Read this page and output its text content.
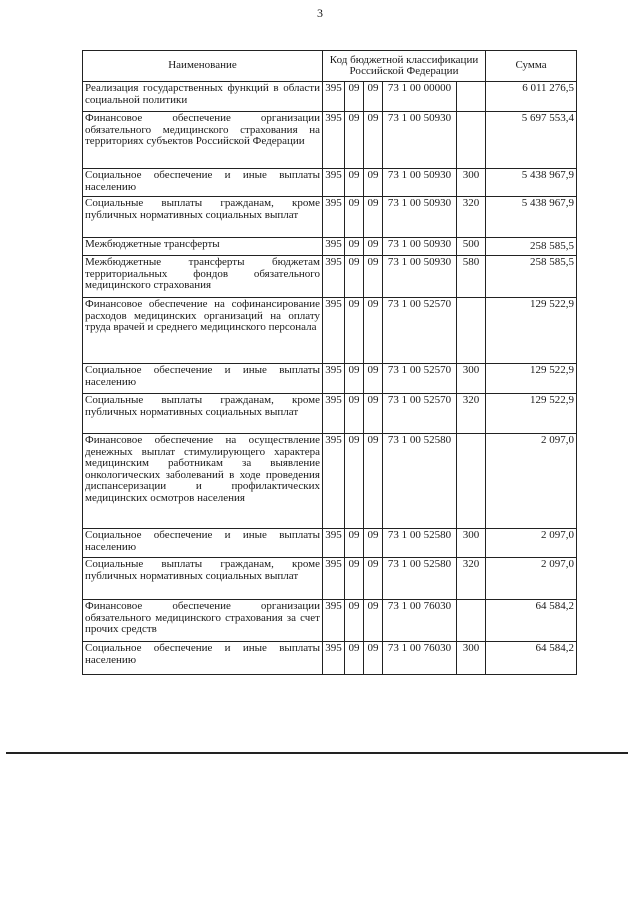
3
Наименование	Код бюджетной классификации Российской Федерации					Сумма
Реализация государственных функций в области социальной политики	395	09	09	73 1 00 00000		6 011 276,5
Финансовое обеспечение организации обязательного медицинского страхования на территориях субъектов Российской Федерации	395	09	09	73 1 00 50930		5 697 553,4
Социальное обеспечение и иные выплаты населению	395	09	09	73 1 00 50930	300	5 438 967,9
Социальные выплаты гражданам, кроме публичных нормативных социальных выплат	395	09	09	73 1 00 50930	320	5 438 967,9
Межбюджетные трансферты	395	09	09	73 1 00 50930	500	258 585,5
Межбюджетные трансферты бюджетам территориальных фондов обязательного медицинского страхования	395	09	09	73 1 00 50930	580	258 585,5
Финансовое обеспечение на софинансирование расходов медицинских организаций на оплату труда врачей и среднего медицинского персонала	395	09	09	73 1 00 52570		129 522,9
Социальное обеспечение и иные выплаты населению	395	09	09	73 1 00 52570	300	129 522,9
Социальные выплаты гражданам, кроме публичных нормативных социальных выплат	395	09	09	73 1 00 52570	320	129 522,9
Финансовое обеспечение на осуществление денежных выплат стимулирующего характера медицинским работникам за выявление онкологических заболеваний в ходе проведения диспансеризации и профилактических медицинских осмотров населения	395	09	09	73 1 00 52580		2 097,0
Социальное обеспечение и иные выплаты населению	395	09	09	73 1 00 52580	300	2 097,0
Социальные выплаты гражданам, кроме публичных нормативных социальных выплат	395	09	09	73 1 00 52580	320	2 097,0
Финансовое обеспечение организации обязательного медицинского страхования за счет прочих средств	395	09	09	73 1 00 76030		64 584,2
Социальное обеспечение и иные выплаты населению	395	09	09	73 1 00 76030	300	64 584,2
